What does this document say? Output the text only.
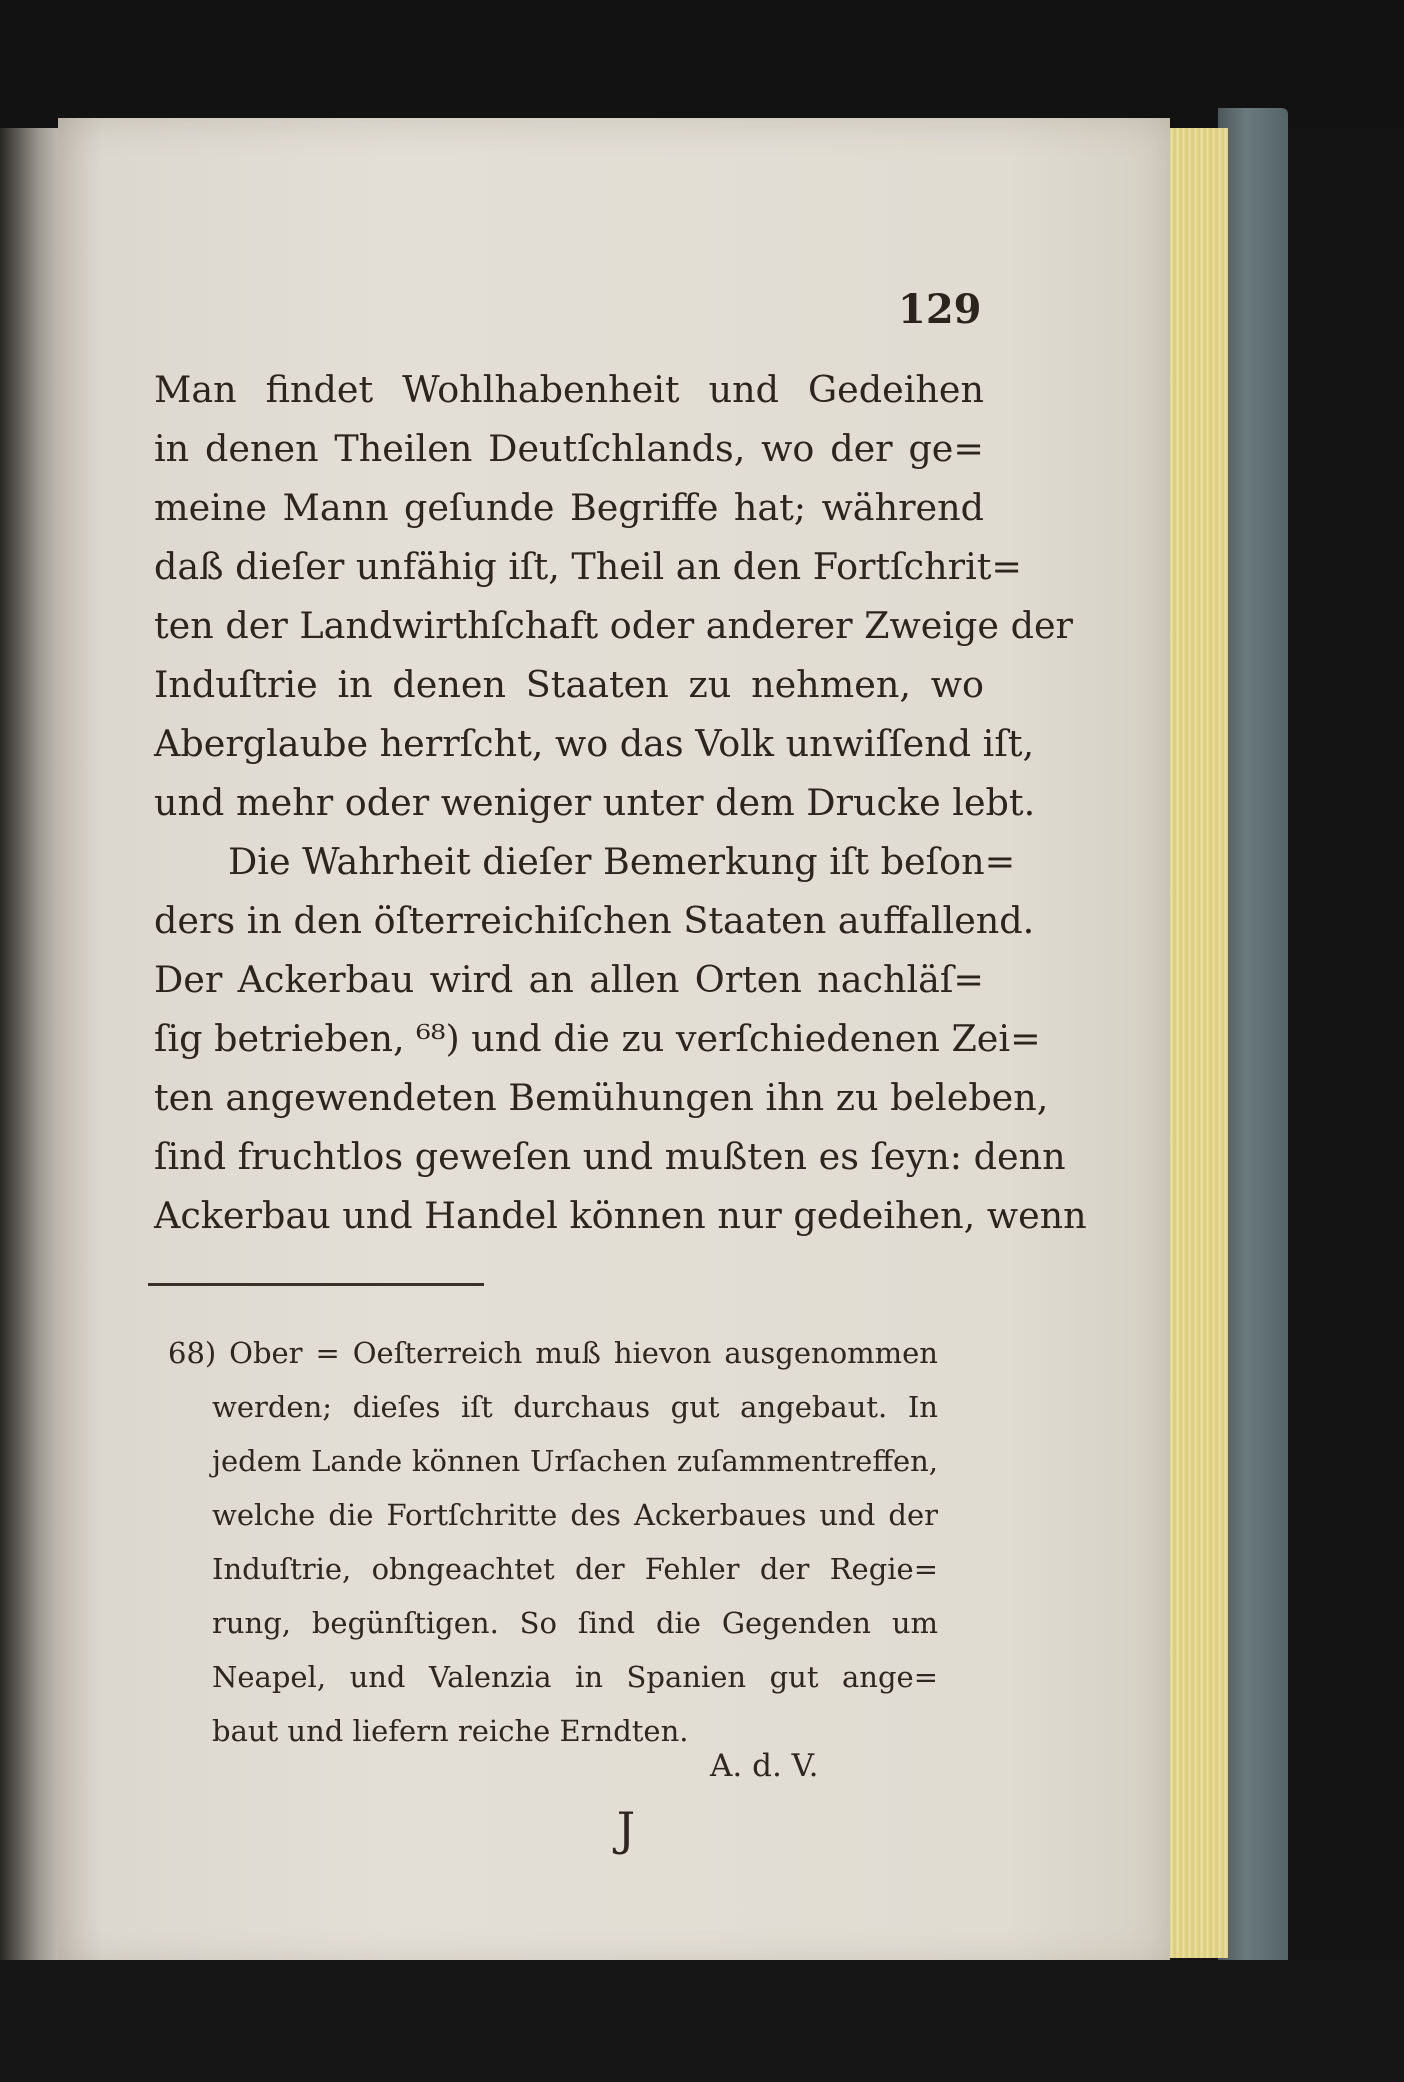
129
Man findet Wohlhabenheit und Gedeihen
in denen Theilen Deutſchlands, wo der ge=
meine Mann geſunde Begriffe hat; während
daß dieſer unfähig iſt, Theil an den Fortſchrit=
ten der Landwirthſchaft oder anderer Zweige der
Induſtrie in denen Staaten zu nehmen, wo
Aberglaube herrſcht, wo das Volk unwiſſend iſt,
und mehr oder weniger unter dem Drucke lebt.
Die Wahrheit dieſer Bemerkung iſt beſon=
ders in den öſterreichiſchen Staaten auffallend.
Der Ackerbau wird an allen Orten nachläſ=
ſig betrieben, ⁶⁸) und die zu verſchiedenen Zei=
ten angewendeten Bemühungen ihn zu beleben,
ſind fruchtlos geweſen und mußten es ſeyn: denn
Ackerbau und Handel können nur gedeihen, wenn
68) Ober = Oeſterreich muß hievon ausgenommen
werden; dieſes iſt durchaus gut angebaut. In
jedem Lande können Urſachen zuſammentreffen,
welche die Fortſchritte des Ackerbaues und der
Induſtrie, obngeachtet der Fehler der Regie=
rung, begünſtigen. So ſind die Gegenden um
Neapel, und Valenzia in Spanien gut ange=
baut und liefern reiche Erndten.
A. d. V.
J
